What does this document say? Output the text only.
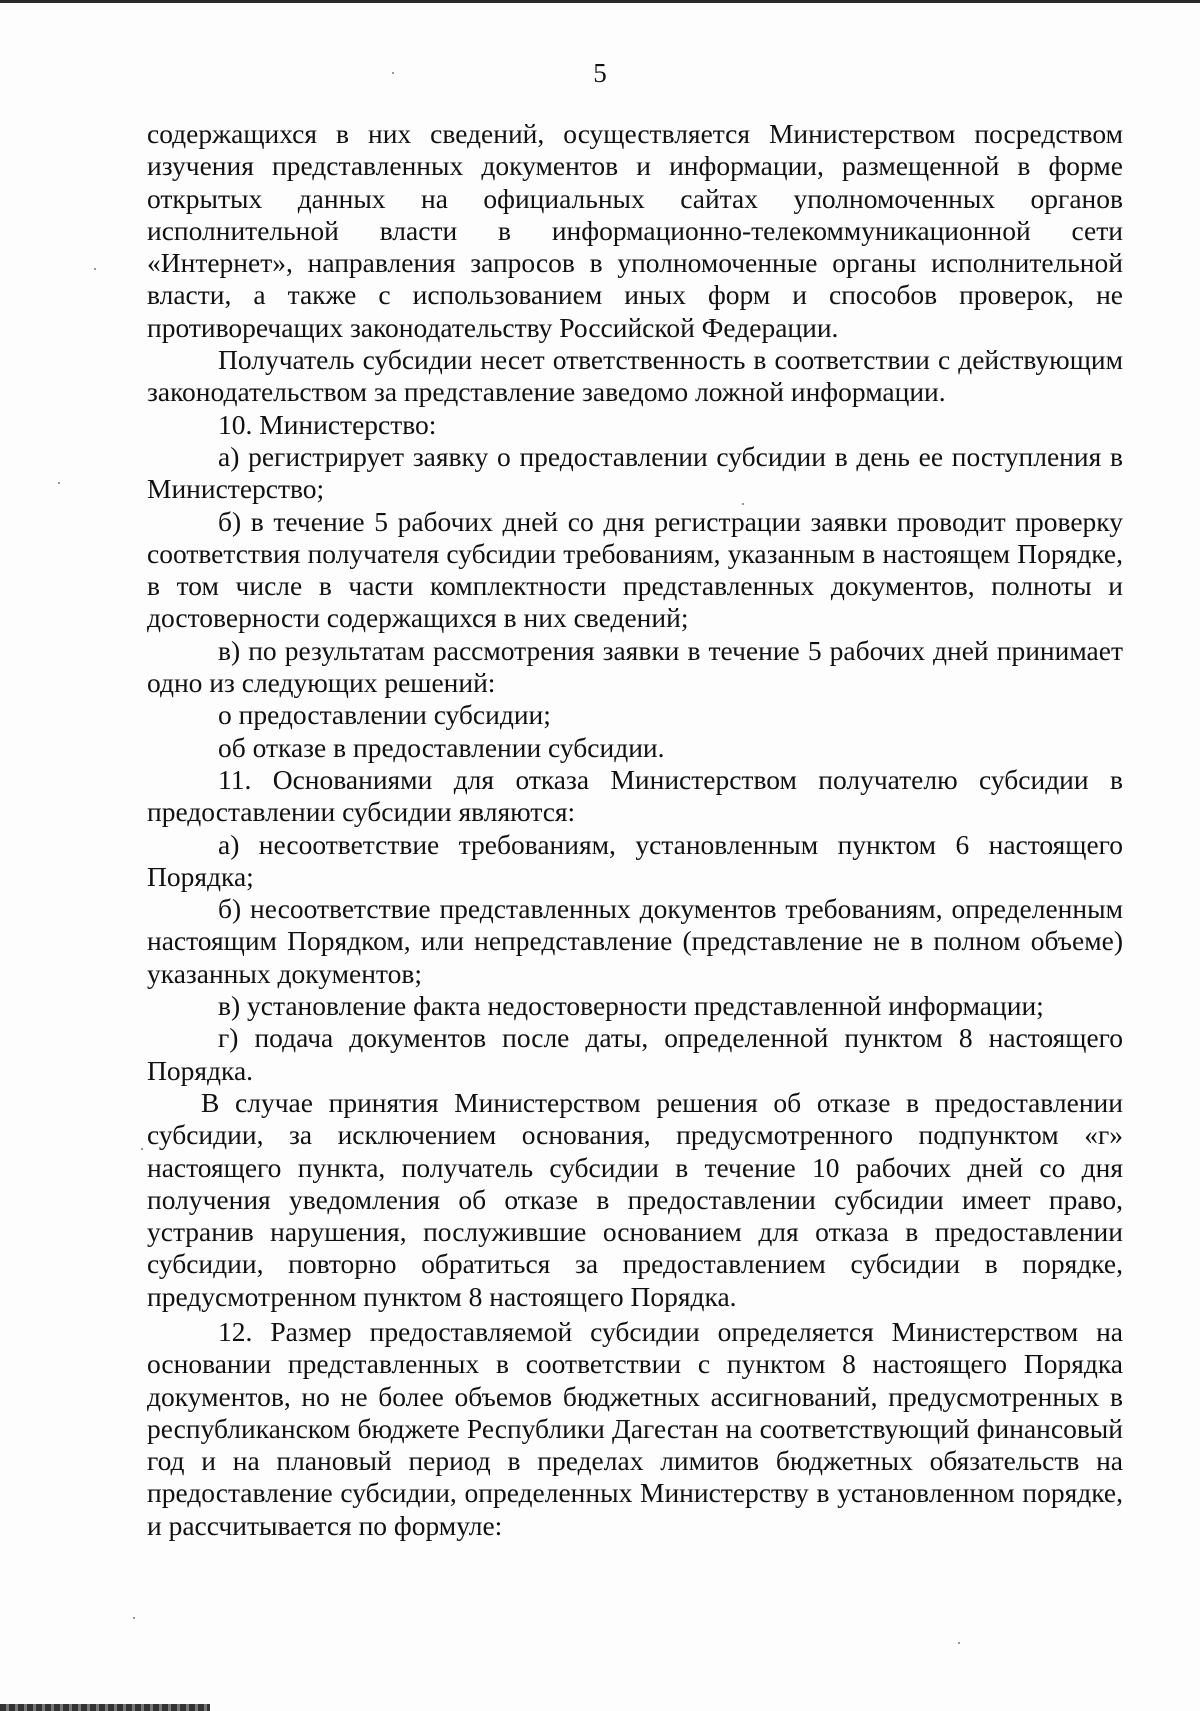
5

содержащихся в них сведений, осуществляется Министерством посредством изучения представленных документов и информации, размещенной в форме открытых данных на официальных сайтах уполномоченных органов исполнительной власти в информационно-телекоммуникационной сети «Интернет», направления запросов в уполномоченные органы исполнительной власти, а также с использованием иных форм и способов проверок, не противоречащих законодательству Российской Федерации.

Получатель субсидии несет ответственность в соответствии с действующим законодательством за представление заведомо ложной информации.

10. Министерство:

а) регистрирует заявку о предоставлении субсидии в день ее поступления в Министерство;

б) в течение 5 рабочих дней со дня регистрации заявки проводит проверку соответствия получателя субсидии требованиям, указанным в настоящем Порядке, в том числе в части комплектности представленных документов, полноты и достоверности содержащихся в них сведений;

в) по результатам рассмотрения заявки в течение 5 рабочих дней принимает одно из следующих решений:

о предоставлении субсидии;

об отказе в предоставлении субсидии.

11. Основаниями для отказа Министерством получателю субсидии в предоставлении субсидии являются:

а) несоответствие требованиям, установленным пунктом 6 настоящего Порядка;

б) несоответствие представленных документов требованиям, определенным настоящим Порядком, или непредставление (представление не в полном объеме) указанных документов;

в) установление факта недостоверности представленной информации;

г) подача документов после даты, определенной пунктом 8 настоящего Порядка.

В случае принятия Министерством решения об отказе в предоставлении субсидии, за исключением основания, предусмотренного подпунктом «г» настоящего пункта, получатель субсидии в течение 10 рабочих дней со дня получения уведомления об отказе в предоставлении субсидии имеет право, устранив нарушения, послужившие основанием для отказа в предоставлении субсидии, повторно обратиться за предоставлением субсидии в порядке, предусмотренном пунктом 8 настоящего Порядка.

12. Размер предоставляемой субсидии определяется Министерством на основании представленных в соответствии с пунктом 8 настоящего Порядка документов, но не более объемов бюджетных ассигнований, предусмотренных в республиканском бюджете Республики Дагестан на соответствующий финансовый год и на плановый период в пределах лимитов бюджетных обязательств на предоставление субсидии, определенных Министерству в установленном порядке, и рассчитывается по формуле:
